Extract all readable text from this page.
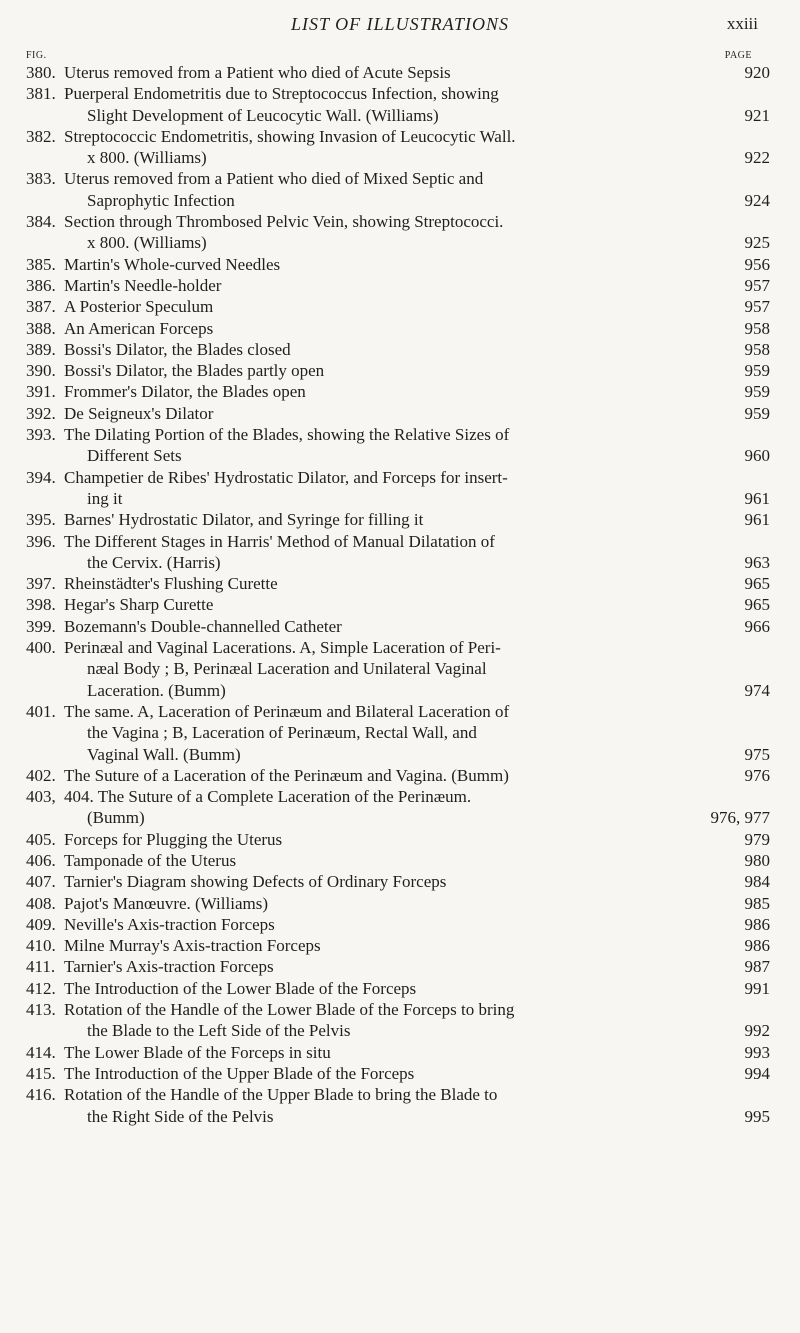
LIST OF ILLUSTRATIONS	xxiii
FIG.	PAGE
380. Uterus removed from a Patient who died of Acute Sepsis	920
381. Puerperal Endometritis due to Streptococcus Infection, showing
Slight Development of Leucocytic Wall. (Williams)	921
382. Streptococcic Endometritis, showing Invasion of Leucocytic Wall.
x 800. (Williams)	922
383. Uterus removed from a Patient who died of Mixed Septic and
Saprophytic Infection	924
384. Section through Thrombosed Pelvic Vein, showing Streptococci.
x 800. (Williams)	925
385. Martin's Whole-curved Needles	956
386. Martin's Needle-holder	957
387. A Posterior Speculum	957
388. An American Forceps	958
389. Bossi's Dilator, the Blades closed	958
390. Bossi's Dilator, the Blades partly open	959
391. Frommer's Dilator, the Blades open	959
392. De Seigneux's Dilator	959
393. The Dilating Portion of the Blades, showing the Relative Sizes of
Different Sets	960
394. Champetier de Ribes' Hydrostatic Dilator, and Forceps for insert-
ing it	961
395. Barnes' Hydrostatic Dilator, and Syringe for filling it	961
396. The Different Stages in Harris' Method of Manual Dilatation of
the Cervix. (Harris)	963
397. Rheinstädter's Flushing Curette	965
398. Hegar's Sharp Curette	965
399. Bozemann's Double-channelled Catheter	966
400. Perinæal and Vaginal Lacerations. A, Simple Laceration of Peri-
næal Body ; B, Perinæal Laceration and Unilateral Vaginal
Laceration. (Bumm)	974
401. The same. A, Laceration of Perinæum and Bilateral Laceration of
the Vagina ; B, Laceration of Perinæum, Rectal Wall, and
Vaginal Wall. (Bumm)	975
402. The Suture of a Laceration of the Perinæum and Vagina. (Bumm)	976
403, 404. The Suture of a Complete Laceration of the Perinæum.
(Bumm)	976, 977
405. Forceps for Plugging the Uterus	979
406. Tamponade of the Uterus	980
407. Tarnier's Diagram showing Defects of Ordinary Forceps	984
408. Pajot's Manœuvre. (Williams)	985
409. Neville's Axis-traction Forceps	986
410. Milne Murray's Axis-traction Forceps	986
411. Tarnier's Axis-traction Forceps	987
412. The Introduction of the Lower Blade of the Forceps	991
413. Rotation of the Handle of the Lower Blade of the Forceps to bring
the Blade to the Left Side of the Pelvis	992
414. The Lower Blade of the Forceps in situ	993
415. The Introduction of the Upper Blade of the Forceps	994
416. Rotation of the Handle of the Upper Blade to bring the Blade to
the Right Side of the Pelvis	995
